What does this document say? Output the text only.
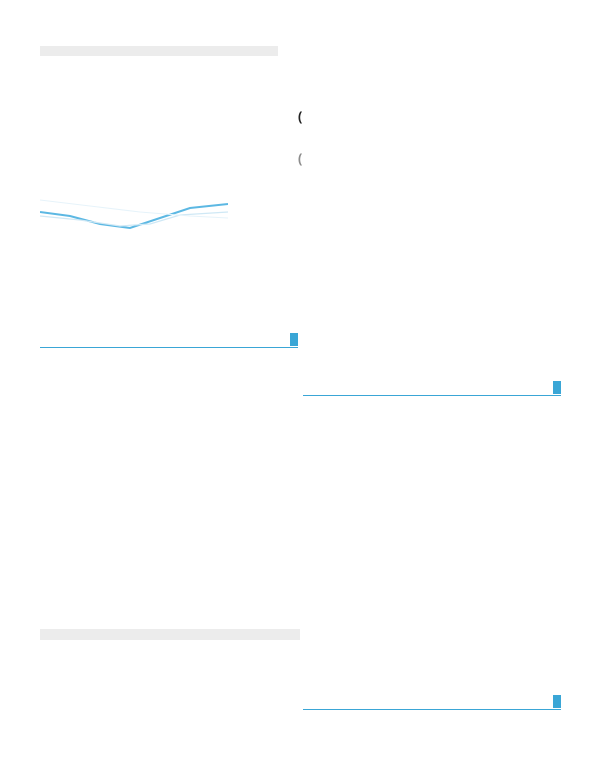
(
(
